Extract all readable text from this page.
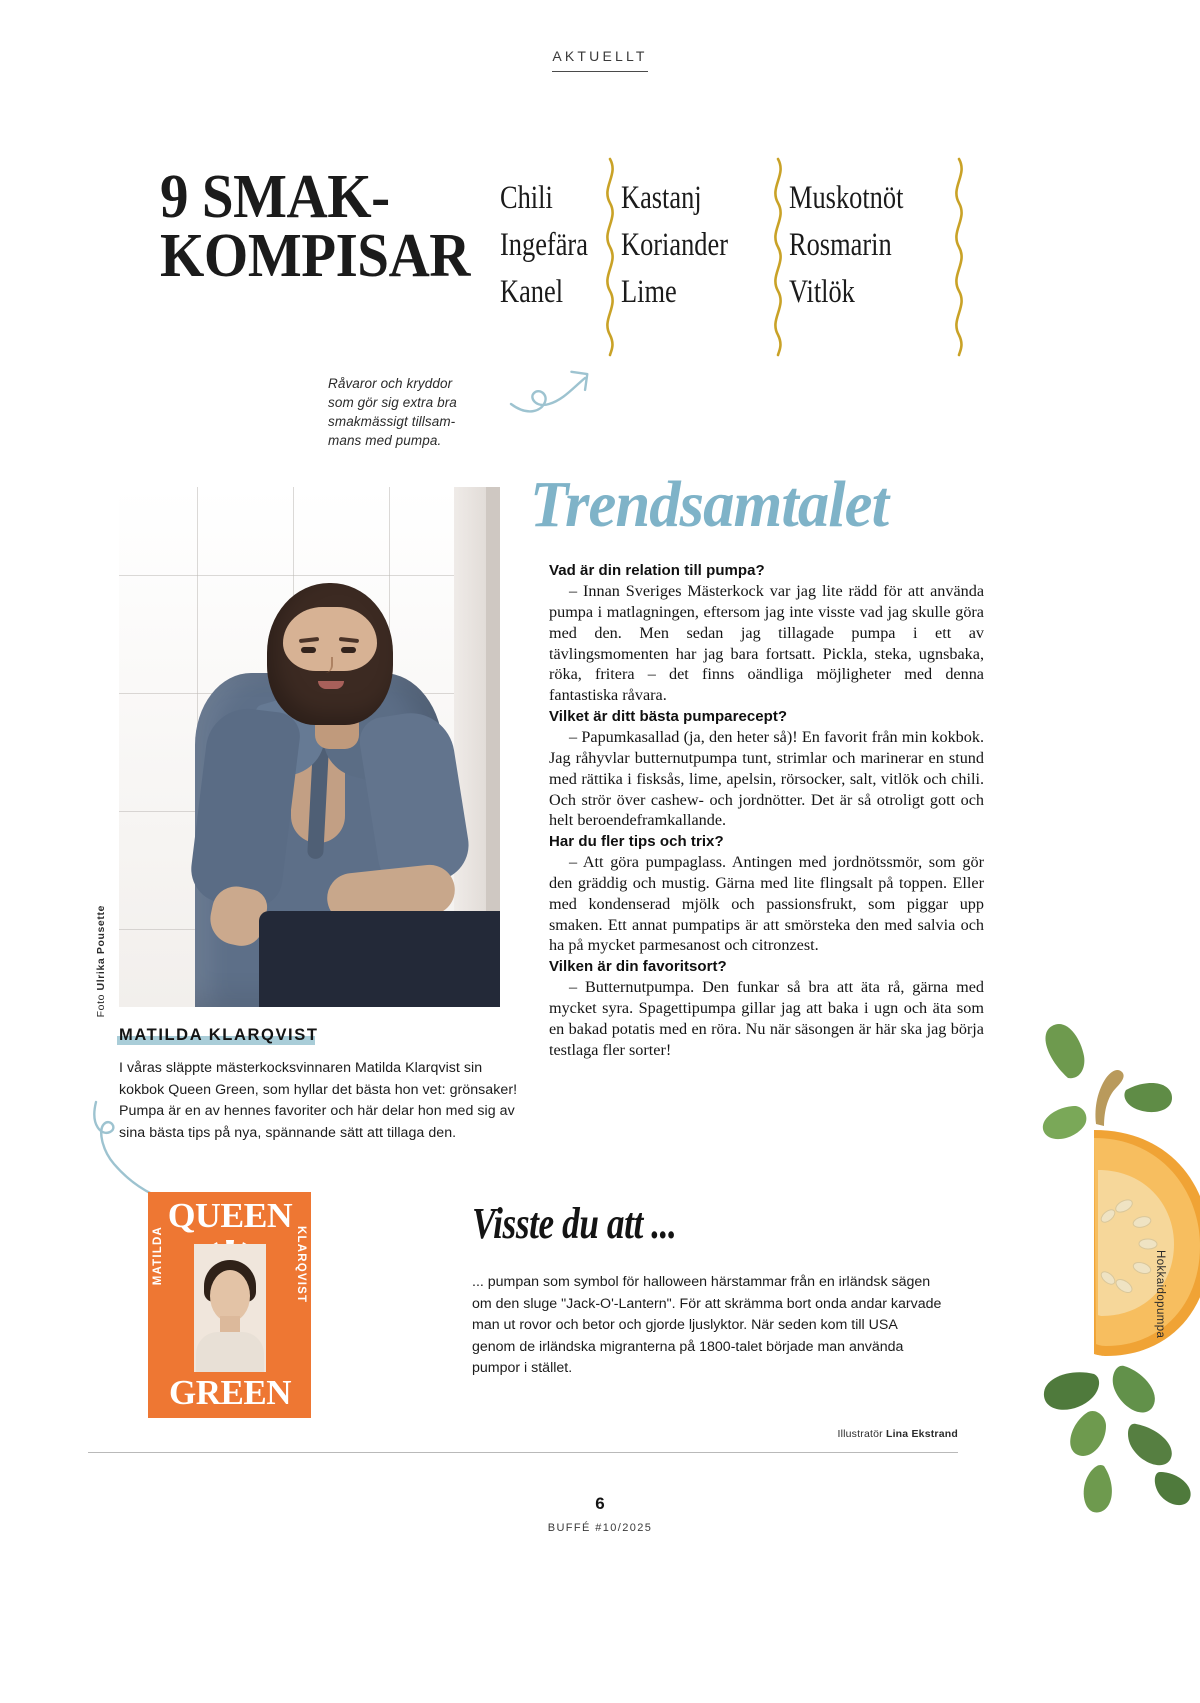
AKTUELLT
9 SMAK-
KOMPISAR
Chili
Ingefära
Kanel
Kastanj
Koriander
Lime
Muskotnöt
Rosmarin
Vitlök
Råvaror och kryddor
som gör sig extra bra
smakmässigt tillsam-
mans med pumpa.
Foto Ulrika Pousette
MATILDA KLARQVIST
I våras släppte mästerkocksvinnaren Matilda Klarqvist sin kokbok Queen Green, som hyllar det bästa hon vet: grönsaker! Pumpa är en av hennes favoriter och här delar hon med sig av sina bästa tips på nya, spännande sätt att tillaga den.
Trendsamtalet
Vad är din relation till pumpa?
– Innan Sveriges Mästerkock var jag lite rädd för att använda pumpa i matlagningen, eftersom jag inte visste vad jag skulle göra med den. Men sedan jag tillagade pumpa i ett av tävlingsmomenten har jag bara fortsatt. Pickla, steka, ugnsbaka, röka, fritera – det finns oändliga möjligheter med denna fantastiska råvara.
Vilket är ditt bästa pumparecept?
– Papumkasallad (ja, den heter så)! En favorit från min kokbok. Jag råhyvlar butternutpumpa tunt, strimlar och marinerar en stund med rättika i fisksås, lime, apelsin, rörsocker, salt, vitlök och chili. Och strör över cashew- och jordnötter. Det är så otroligt gott och helt beroendeframkallande.
Har du fler tips och trix?
– Att göra pumpaglass. Antingen med jordnötssmör, som gör den gräddig och mustig. Gärna med lite flingsalt på toppen. Eller med kondenserad mjölk och passionsfrukt, som piggar upp smaken. Ett annat pumpatips är att smörsteka den med salvia och ha på mycket parmesanost och citronzest.
Vilken är din favoritsort?
– Butternutpumpa. Den funkar så bra att äta rå, gärna med mycket syra. Spagettipumpa gillar jag att baka i ugn och äta som en bakad potatis med en röra. Nu när säsongen är här ska jag börja testlaga fler sorter!
QUEEN
MATILDA	KLARQVIST
GREEN
Visste du att ...
... pumpan som symbol för halloween härstammar från en irländsk sägen om den sluge "Jack-O'-Lantern". För att skrämma bort onda andar karvade man ut rovor och betor och gjorde ljuslyktor. När seden kom till USA genom de irländska migranterna på 1800-talet började man använda pumpor i stället.
Hokkaidopumpa
Illustratör Lina Ekstrand
6
BUFFÉ #10/2025
